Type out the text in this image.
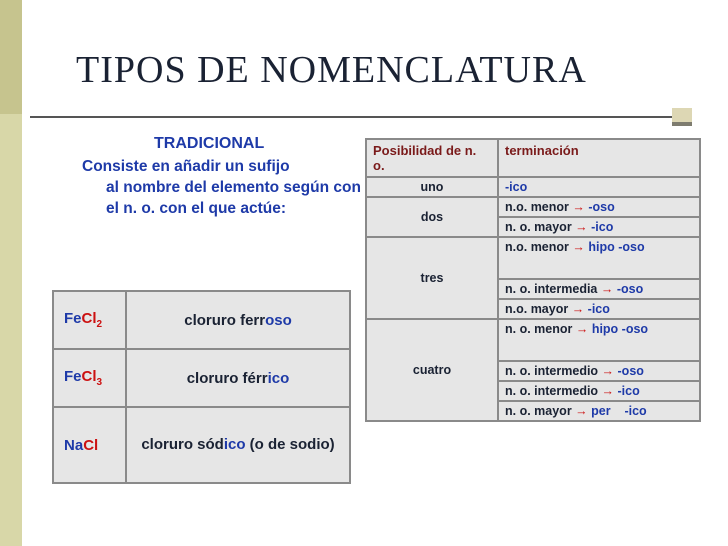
TIPOS DE NOMENCLATURA
TRADICIONAL
Consiste en añadir un sufijo
al nombre del elemento según con el n. o. con el que actúe:
FeCl$_2$	cloruro ferroso
FeCl$_3$	cloruro férrico
NaCl	cloruro sódico (o de sodio)
Posibilidad de n. o.	terminación
uno	-ico
dos	n.o. menor → -oso
	n. o. mayor → -ico
tres	n.o. menor → hipo -oso
	n. o. intermedia → -oso
	n.o. mayor → -ico
cuatro	n. o. menor → hipo -oso
	n. o. intermedio → -oso
	n. o. intermedio → -ico
	n. o. mayor → per    -ico
